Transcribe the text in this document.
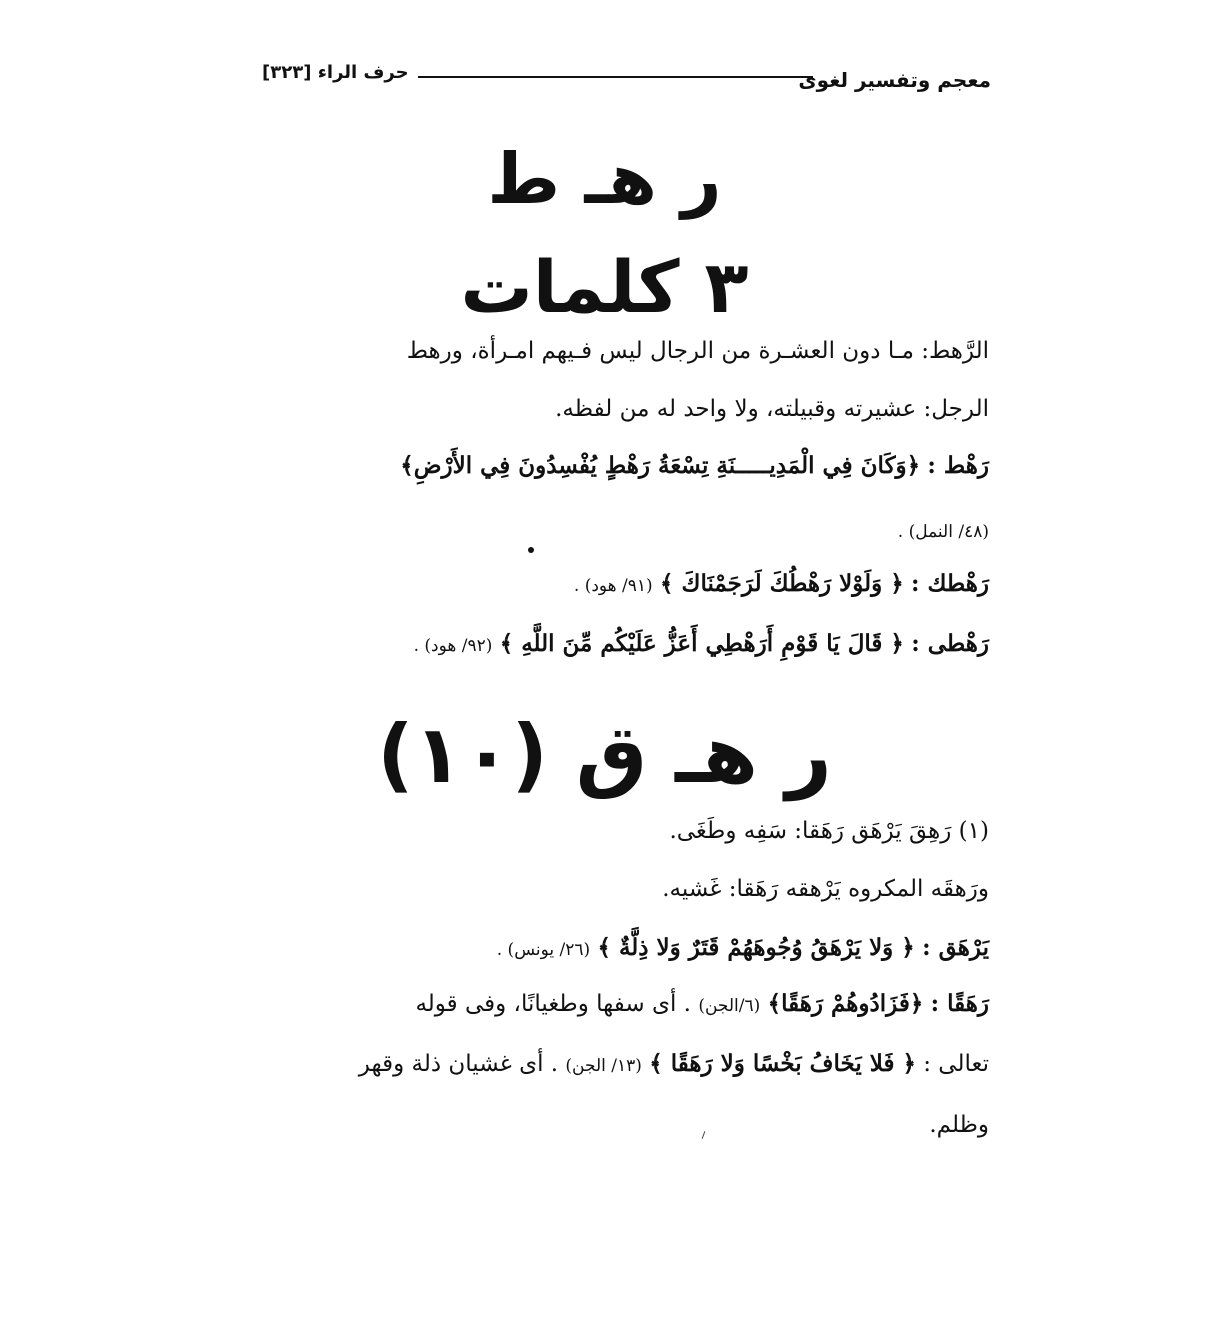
حرف الراء [٣٢٣]	معجم وتفسير لغوى
ر هـ ط
٣ كلمات
الرَّهط: مـا دون العشـرة من الرجال ليس فـيهم امـرأة، ورهط
الرجل: عشيرته وقبيلته، ولا واحد له من لفظه.
رَهْط : ﴿وَكَانَ فِي الْمَدِيـــــنَةِ تِسْعَةُ رَهْطٍ يُفْسِدُونَ فِي الأَرْضِ﴾
(٤٨/ النمل) .
رَهْطك : ﴿ وَلَوْلا رَهْطُكَ لَرَجَمْنَاكَ ﴾ (٩١/ هود) .
رَهْطى : ﴿ قَالَ يَا قَوْمِ أَرَهْطِي أَعَزُّ عَلَيْكُم مِّنَ اللَّهِ ﴾ (٩٢/ هود) .
ر هـ ق (١٠)
(١) رَهِقَ يَرْهَق رَهَقا: سَفِه وطَغَى.
ورَهقَه المكروه يَرْهقه رَهَقا: غَشيه.
يَرْهَق : ﴿ وَلا يَرْهَقُ وُجُوهَهُمْ قَتَرٌ وَلا ذِلَّةٌ ﴾ (٢٦/ يونس) .
رَهَقًا : ﴿فَزَادُوهُمْ رَهَقًا﴾ (٦/الجن) . أى سفها وطغيانًا، وفى قوله
تعالى : ﴿ فَلا يَخَافُ بَخْسًا وَلا رَهَقًا ﴾ (١٣/ الجن) . أى غشيان ذلة وقهر
وظلم.
